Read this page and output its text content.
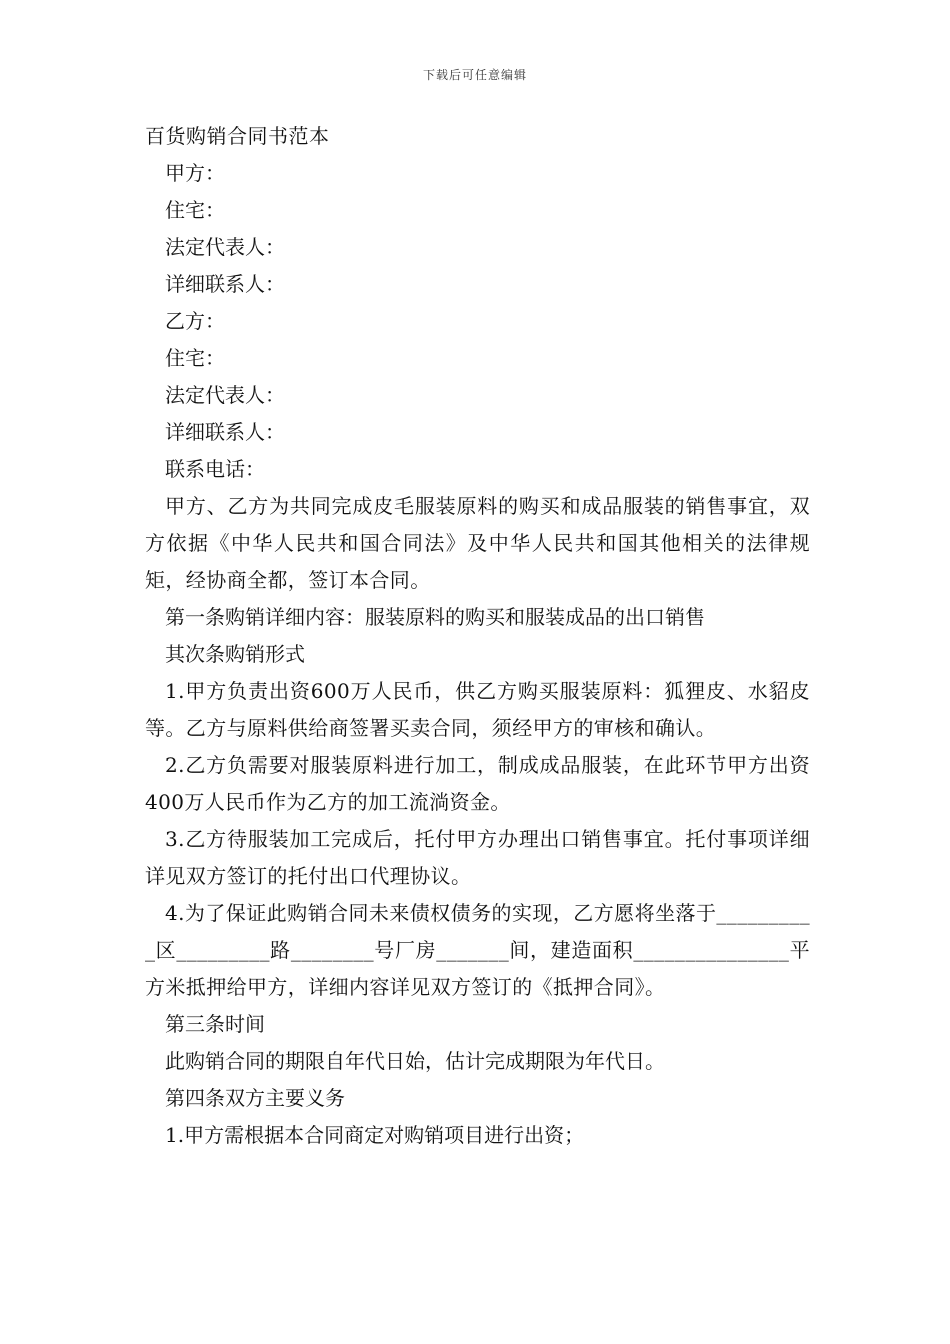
下载后可任意编辑
百货购销合同书范本
甲方：
住宅：
法定代表人：
详细联系人：
乙方：
住宅：
法定代表人：
详细联系人：
联系电话：
甲方、乙方为共同完成皮毛服装原料的购买和成品服装的销售事宜，双方依据《中华人民共和国合同法》及中华人民共和国其他相关的法律规矩，经协商全都，签订本合同。
第一条购销详细内容：服装原料的购买和服装成品的出口销售
其次条购销形式
1.甲方负责出资600万人民币，供乙方购买服装原料：狐狸皮、水貂皮等。乙方与原料供给商签署买卖合同，须经甲方的审核和确认。
2.乙方负需要对服装原料进行加工，制成成品服装，在此环节甲方出资400万人民币作为乙方的加工流淌资金。
3.乙方待服装加工完成后，托付甲方办理出口销售事宜。托付事项详细详见双方签订的托付出口代理协议。
4.为了保证此购销合同未来债权债务的实现，乙方愿将坐落于__________区_________路________号厂房_______间，建造面积_______________平方米抵押给甲方，详细内容详见双方签订的《抵押合同》。
第三条时间
此购销合同的期限自年代日始，估计完成期限为年代日。
第四条双方主要义务
1.甲方需根据本合同商定对购销项目进行出资；
